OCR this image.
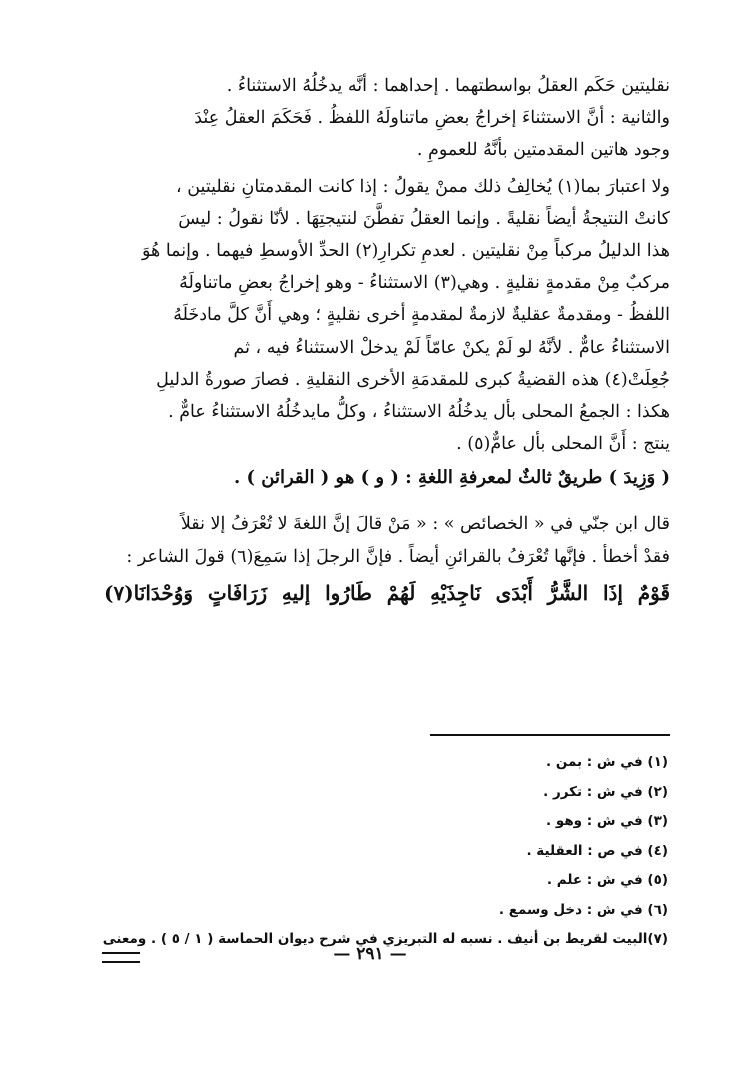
نقليتين حَكَم العقلُ بواسطتهما . إحداهما : أنَّه يدخُلُهُ الاستثناءُ .

والثانية : أنَّ الاستثناءَ إخراجُ بعضِ ماتناولَهُ اللفظُ . فَحَكَمَ العقلُ عِنْدَ

وجود هاتين المقدمتين بأنَّهُ للعمومِ .

ولا اعتبارَ بما(١) يُخالِفُ ذلك ممنْ يقولُ : إذا كانت المقدمتانِ نقليتين ،

كانتْ النتيجةُ أيضاً نقليةً . وإنما العقلُ تفطَّنَ لنتيجتِهَا . لأنّا نقولُ : ليسَ

هذا الدليلُ مركباً مِنْ نقليتين . لعدمِ تكرارِ(٢) الحدِّ الأوسطِ فيهما . وإنما هُوَ

مركبٌ مِنْ مقدمةٍ نقليةٍ . وهي(٣) الاستثناءُ - وهو إخراجُ بعضِ ماتناولَهُ

اللفظُ - ومقدمةٌ عقليةٌ لازمةٌ لمقدمةٍ أخرى نقليةٍ ؛ وهي أَنَّ كلَّ مادخَلَهُ

الاستثناءُ عامٌّ . لأنَّهُ لو لَمْ يكنْ عامّاً لَمْ يدخلْ الاستثناءُ فيه ، ثم

جُعِلَتْ(٤) هذه القضيةُ كبرى للمقدمَةِ الأخرى النقليةِ . فصارَ صورةُ الدليلِ

هكذا : الجمعُ المحلى بأل يدخُلُهُ الاستثناءُ ، وكلُّ مايدخُلُهُ الاستثناءُ عامٌّ .

ينتج : أَنَّ المحلى بأل عامٌّ(٥) .

( وَزِيدَ ) طريقٌ ثالثٌ لمعرفةِ اللغةِ : ( و ) هو ( القرائن ) .

قال ابن جنّي في « الخصائص » : « مَنْ قالَ إنَّ اللغةَ لا تُعْرَفُ إلا نقلاً

فقدْ أخطأ . فإنَّها تُعْرَفُ بالقرائنِ أيضاً . فإنَّ الرجلَ إذا سَمِعَ(٦) قولَ الشاعر :

قَوْمٌ إذَا الشَّرُّ أَبْدَى نَاجِذَيْهِ لَهُمْ طَارُوا إليهِ زَرَافَاتٍ وَوُحْدَانَا(٧)

(١) في ش : بمن .

(٢) في ش : تكرر .

(٣) في ش : وهو .

(٤) في ص : العقلية .

(٥) في ش : علم .

(٦) في ش : دخل وسمع .

(٧)البيت لقريط بن أنيف . نسبه له التبريزي في شرح ديوان الحماسة ( ١ / ٥ ) . ومعنى

— ٢٩١ —
